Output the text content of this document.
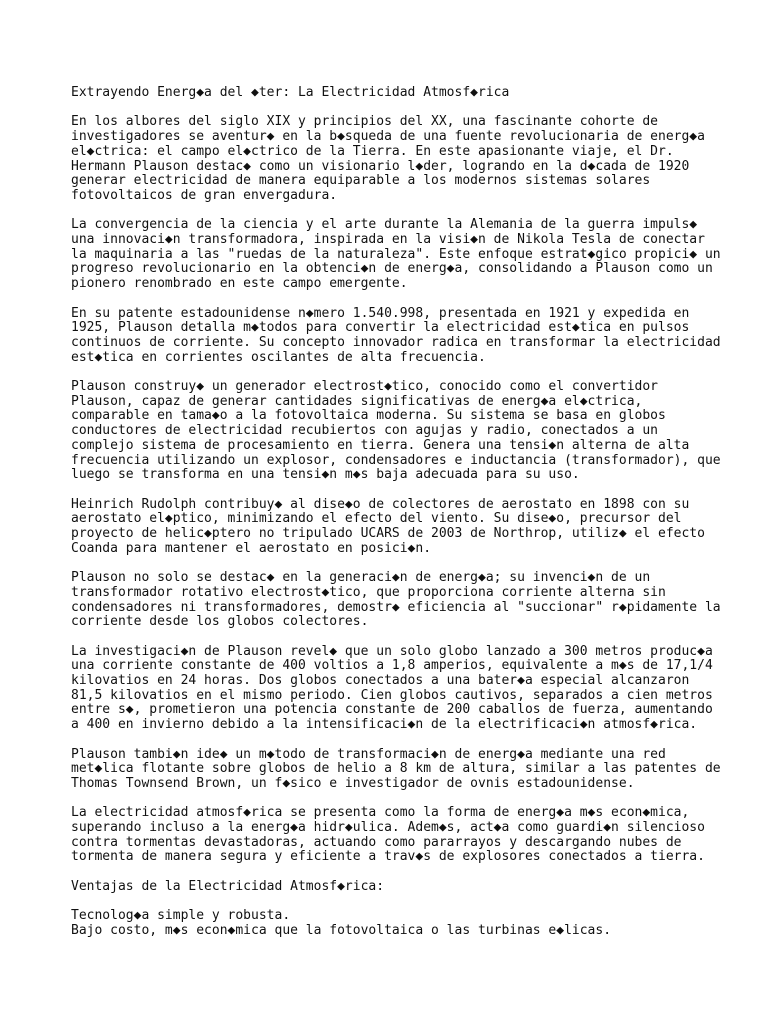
Extrayendo Energ◆a del ◆ter: La Electricidad Atmosf◆rica

En los albores del siglo XIX y principios del XX, una fascinante cohorte de
investigadores se aventur◆ en la b◆squeda de una fuente revolucionaria de energ◆a
el◆ctrica: el campo el◆ctrico de la Tierra. En este apasionante viaje, el Dr.
Hermann Plauson destac◆ como un visionario l◆der, logrando en la d◆cada de 1920
generar electricidad de manera equiparable a los modernos sistemas solares
fotovoltaicos de gran envergadura.

La convergencia de la ciencia y el arte durante la Alemania de la guerra impuls◆
una innovaci◆n transformadora, inspirada en la visi◆n de Nikola Tesla de conectar
la maquinaria a las "ruedas de la naturaleza". Este enfoque estrat◆gico propici◆ un
progreso revolucionario en la obtenci◆n de energ◆a, consolidando a Plauson como un
pionero renombrado en este campo emergente.

En su patente estadounidense n◆mero 1.540.998, presentada en 1921 y expedida en
1925, Plauson detalla m◆todos para convertir la electricidad est◆tica en pulsos
continuos de corriente. Su concepto innovador radica en transformar la electricidad
est◆tica en corrientes oscilantes de alta frecuencia.

Plauson construy◆ un generador electrost◆tico, conocido como el convertidor
Plauson, capaz de generar cantidades significativas de energ◆a el◆ctrica,
comparable en tama◆o a la fotovoltaica moderna. Su sistema se basa en globos
conductores de electricidad recubiertos con agujas y radio, conectados a un
complejo sistema de procesamiento en tierra. Genera una tensi◆n alterna de alta
frecuencia utilizando un explosor, condensadores e inductancia (transformador), que
luego se transforma en una tensi◆n m◆s baja adecuada para su uso.

Heinrich Rudolph contribuy◆ al dise◆o de colectores de aerostato en 1898 con su
aerostato el◆ptico, minimizando el efecto del viento. Su dise◆o, precursor del
proyecto de helic◆ptero no tripulado UCARS de 2003 de Northrop, utiliz◆ el efecto
Coanda para mantener el aerostato en posici◆n.

Plauson no solo se destac◆ en la generaci◆n de energ◆a; su invenci◆n de un
transformador rotativo electrost◆tico, que proporciona corriente alterna sin
condensadores ni transformadores, demostr◆ eficiencia al "succionar" r◆pidamente la
corriente desde los globos colectores.

La investigaci◆n de Plauson revel◆ que un solo globo lanzado a 300 metros produc◆a
una corriente constante de 400 voltios a 1,8 amperios, equivalente a m◆s de 17,1/4
kilovatios en 24 horas. Dos globos conectados a una bater◆a especial alcanzaron
81,5 kilovatios en el mismo periodo. Cien globos cautivos, separados a cien metros
entre s◆, prometieron una potencia constante de 200 caballos de fuerza, aumentando
a 400 en invierno debido a la intensificaci◆n de la electrificaci◆n atmosf◆rica.

Plauson tambi◆n ide◆ un m◆todo de transformaci◆n de energ◆a mediante una red
met◆lica flotante sobre globos de helio a 8 km de altura, similar a las patentes de
Thomas Townsend Brown, un f◆sico e investigador de ovnis estadounidense.

La electricidad atmosf◆rica se presenta como la forma de energ◆a m◆s econ◆mica,
superando incluso a la energ◆a hidr◆ulica. Adem◆s, act◆a como guardi◆n silencioso
contra tormentas devastadoras, actuando como pararrayos y descargando nubes de
tormenta de manera segura y eficiente a trav◆s de explosores conectados a tierra.

Ventajas de la Electricidad Atmosf◆rica:

Tecnolog◆a simple y robusta.
Bajo costo, m◆s econ◆mica que la fotovoltaica o las turbinas e◆licas.
